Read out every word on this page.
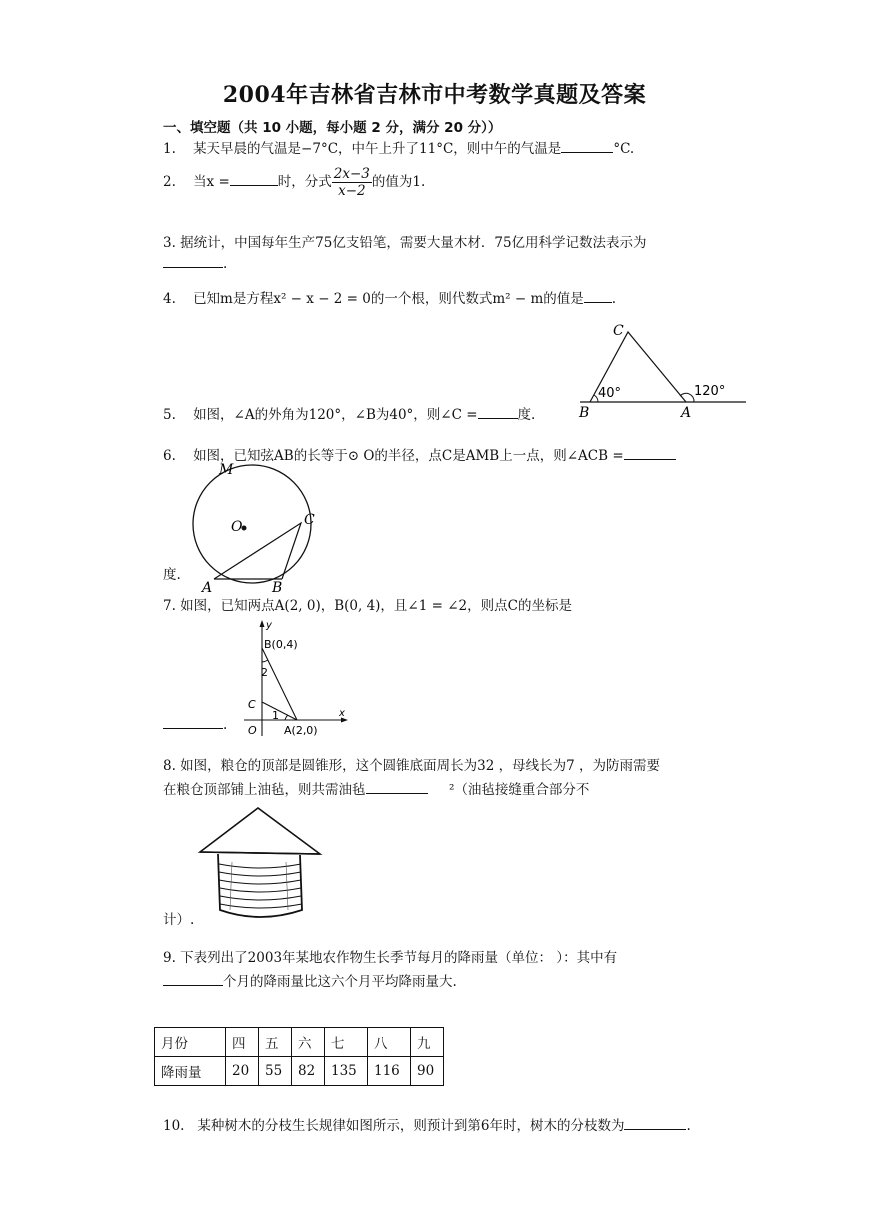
2004年吉林省吉林市中考数学真题及答案
一、填空题（共 10 小题，每小题 2 分，满分 20 分））
1. 某天早晨的气温是−7°C，中午上升了11°C，则中午的气温是	°C.
2. 当x =	时，分式 $\frac{2x-3}{x-2}$ 的值为1.
3. 据统计，中国每年生产75亿支铅笔，需要大量木材．75亿用科学记数法表示为
.
4. 已知m是方程x² − x − 2 = 0的一个根，则代数式m² − m的值是 .
C
B	A
40°	120°
5. 如图，∠A的外角为120°，∠B为40°，则∠C =	度.
6. 如图，已知弦AB的长等于⊙ O的半径，点C是AMB上一点，则∠ACB =
M
O	C
A	B
度.
7. 如图，已知两点A(2, 0)，B(0, 4)，且∠1 = ∠2，则点C的坐标是
y
x
B(0,4)
2
C
1
O A(2,0)
.
8. 如图，粮仓的顶部是圆锥形，这个圆锥底面周长为32 ，母线长为7 ，为防雨需要
在粮仓顶部铺上油毡，则共需油毡	²（油毡接缝重合部分不
计）.
9. 下表列出了2003年某地农作物生长季节每月的降雨量（单位： ）：其中有
个月的降雨量比这六个月平均降雨量大.
月份	四	五	六	七	八	九
降雨量	20	55	82	135	116	90
10. 某种树木的分枝生长规律如图所示，则预计到第6年时，树木的分枝数为	.
